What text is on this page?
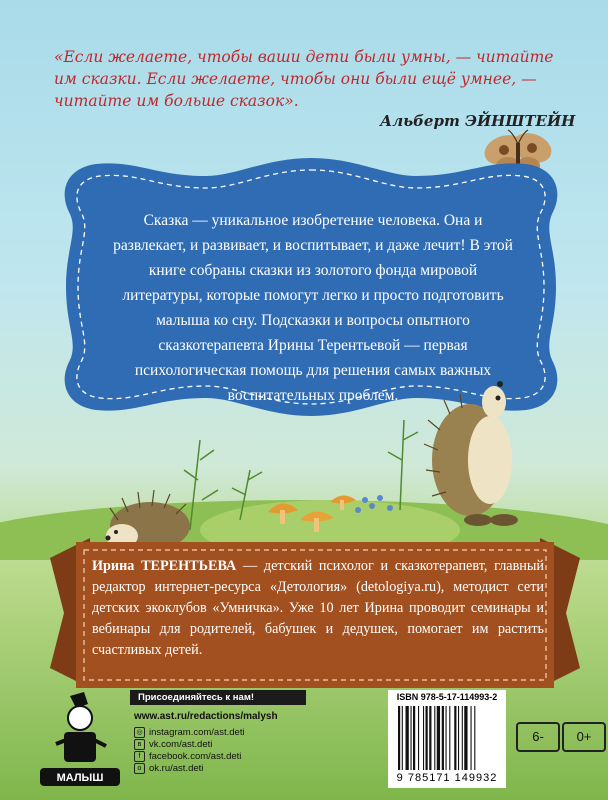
«Если желаете, чтобы ваши дети были умны, — читайте им сказки. Если желаете, чтобы они были ещё умнее, — читайте им больше сказок».
Альберт ЭЙНШТЕЙН
Сказка — уникальное изобретение человека. Она и развлекает, и развивает, и воспитывает, и даже лечит! В этой книге собраны сказки из золотого фонда мировой литературы, которые помогут легко и просто подготовить малыша ко сну. Подсказки и вопросы опытного сказкотерапевта Ирины Терентьевой — первая психологическая помощь для решения самых важных воспитательных проблем.
Ирина ТЕРЕНТЬЕВА — детский психолог и сказкотерапевт, главный редактор интернет-ресурса «Детология» (detologiya.ru), методист сети детских экоклубов «Умничка». Уже 10 лет Ирина проводит семинары и вебинары для родителей, бабушек и дедушек, помогает им растить счастливых детей.
МАЛЫШ
Присоединяйтесь к нам!
www.ast.ru/redactions/malysh
◎ instagram.com/ast.deti
в vk.com/ast.deti
f facebook.com/ast.deti
о ok.ru/ast.deti
ISBN 978-5-17-114993-2
9 785171 149932
6-	0+
